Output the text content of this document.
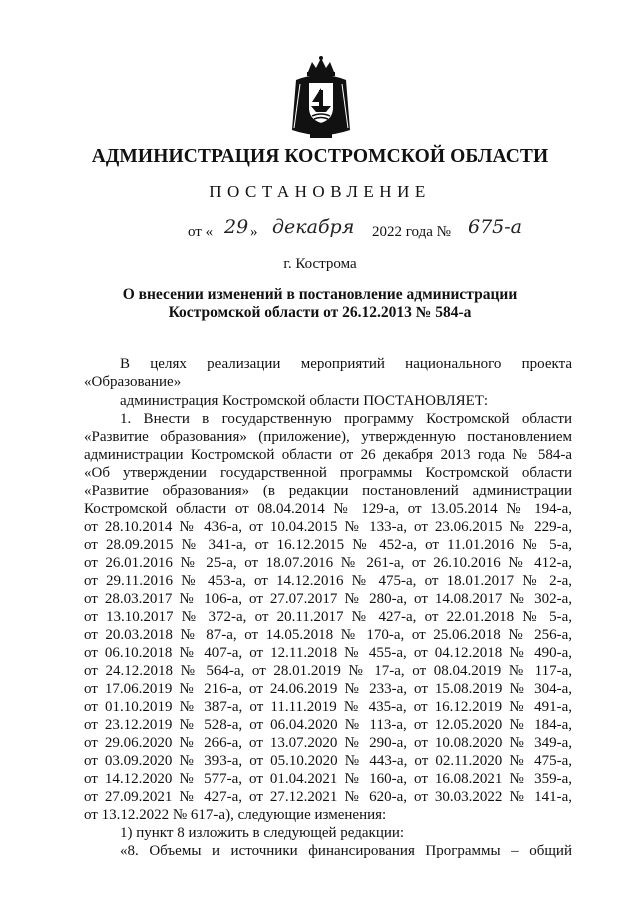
АДМИНИСТРАЦИЯ КОСТРОМСКОЙ ОБЛАСТИ
ПОСТАНОВЛЕНИЕ
от « 29 » декабря 2022 года № 675-а
г. Кострома
О внесении изменений в постановление администрации
Костромской области от 26.12.2013 № 584-а
В целях реализации мероприятий национального проекта
«Образование»
администрация Костромской области ПОСТАНОВЛЯЕТ:
1. Внести в государственную программу Костромской области
«Развитие образования» (приложение), утвержденную постановлением
администрации Костромской области от 26 декабря 2013 года № 584-а
«Об утверждении государственной программы Костромской области
«Развитие образования» (в редакции постановлений администрации
Костромской области от 08.04.2014 № 129-а, от 13.05.2014 № 194-а,
от 28.10.2014 № 436-а, от 10.04.2015 № 133-а, от 23.06.2015 № 229-а,
от 28.09.2015 № 341-а, от 16.12.2015 № 452-а, от 11.01.2016 № 5-а,
от 26.01.2016 № 25-а, от 18.07.2016 № 261-а, от 26.10.2016 № 412-а,
от 29.11.2016 № 453-а, от 14.12.2016 № 475-а, от 18.01.2017 № 2-а,
от 28.03.2017 № 106-а, от 27.07.2017 № 280-а, от 14.08.2017 № 302-а,
от 13.10.2017 № 372-а, от 20.11.2017 № 427-а, от 22.01.2018 № 5-а,
от 20.03.2018 № 87-а, от 14.05.2018 № 170-а, от 25.06.2018 № 256-а,
от 06.10.2018 № 407-а, от 12.11.2018 № 455-а, от 04.12.2018 № 490-а,
от 24.12.2018 № 564-а, от 28.01.2019 № 17-а, от 08.04.2019 № 117-а,
от 17.06.2019 № 216-а, от 24.06.2019 № 233-а, от 15.08.2019 № 304-а,
от 01.10.2019 № 387-а, от 11.11.2019 № 435-а, от 16.12.2019 № 491-а,
от 23.12.2019 № 528-а, от 06.04.2020 № 113-а, от 12.05.2020 № 184-а,
от 29.06.2020 № 266-а, от 13.07.2020 № 290-а, от 10.08.2020 № 349-а,
от 03.09.2020 № 393-а, от 05.10.2020 № 443-а, от 02.11.2020 № 475-а,
от 14.12.2020 № 577-а, от 01.04.2021 № 160-а, от 16.08.2021 № 359-а,
от 27.09.2021 № 427-а, от 27.12.2021 № 620-а, от 30.03.2022 № 141-а,
от 13.12.2022 № 617-а), следующие изменения:
1) пункт 8 изложить в следующей редакции:
«8. Объемы и источники финансирования Программы – общий
